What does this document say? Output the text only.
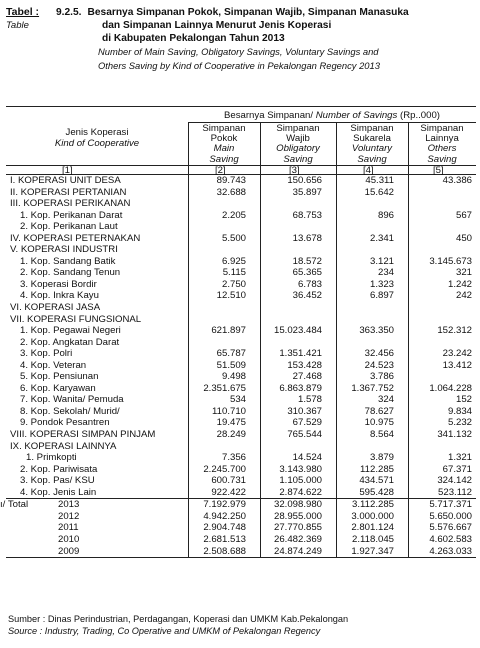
Tabel :	9.2.5. Besarnya Simpanan Pokok, Simpanan Wajib, Simpanan Manasuka
Table	dan Simpanan Lainnya Menurut Jenis Koperasi
di Kabupaten Pekalongan Tahun 2013
Number of Main Saving, Obligatory Savings, Voluntary Savings and
Others Saving by Kind of Cooperative in Pekalongan Regency 2013
Besarnya Simpanan/ Number of Savings (Rp..000)
Jenis Koperasi
Kind of Cooperative
Simpanan
Pokok
Main
Saving
Simpanan
Wajib
Obligatory
Saving
Simpanan
Sukarela
Voluntary
Saving
Simpanan
Lainnya
Others
Saving
[1]	[2]	[3]	[4]	[5]
I. KOPERASI UNIT DESA	89.743	150.656	45.311	43.386
II. KOPERASI PERTANIAN	32.688	35.897	15.642
III. KOPERASI PERIKANAN
1. Kop. Perikanan Darat	2.205	68.753	896	567
2. Kop. Perikanan Laut
IV. KOPERASI PETERNAKAN	5.500	13.678	2.341	450
V. KOPERASI INDUSTRI
1. Kop. Sandang Batik	6.925	18.572	3.121	3.145.673
2. Kop. Sandang Tenun	5.115	65.365	234	321
3. Koperasi Bordir	2.750	6.783	1.323	1.242
4. Kop. Inkra Kayu	12.510	36.452	6.897	242
VI. KOPERASI JASA
VII. KOPERASI FUNGSIONAL
1. Kop. Pegawai Negeri	621.897	15.023.484	363.350	152.312
2. Kop. Angkatan Darat
3. Kop. Polri	65.787	1.351.421	32.456	23.242
4. Kop. Veteran	51.509	153.428	24.523	13.412
5. Kop. Pensiunan	9.498	27.468	3.786
6. Kop. Karyawan	2.351.675	6.863.879	1.367.752	1.064.228
7. Kop. Wanita/ Pemuda	534	1.578	324	152
8. Kop. Sekolah/ Murid/	110.710	310.367	78.627	9.834
9. Pondok Pesantren	19.475	67.529	10.975	5.232
VIII. KOPERASI SIMPAN PINJAM	28.249	765.544	8.564	341.132
IX. KOPERASI LAINNYA
1. Primkopti	7.356	14.524	3.879	1.321
2. Kop. Pariwisata	2.245.700	3.143.980	112.285	67.371
3. Kop. Pas/ KSU	600.731	1.105.000	434.571	324.142
4. Kop. Jenis Lain	922.422	2.874.622	595.428	523.112
ı/ Total	2013	7.192.979	32.098.980	3.112.285	5.717.371
2012	4.942.250	28.955.000	3.000.000	5.650.000
2011	2.904.748	27.770.855	2.801.124	5.576.667
2010	2.681.513	26.482.369	2.118.045	4.602.583
2009	2.508.688	24.874.249	1.927.347	4.263.033
Sumber : Dinas Perindustrian, Perdagangan, Koperasi dan UMKM Kab.Pekalongan
Source : Industry, Trading, Co Operative and UMKM of Pekalongan Regency
